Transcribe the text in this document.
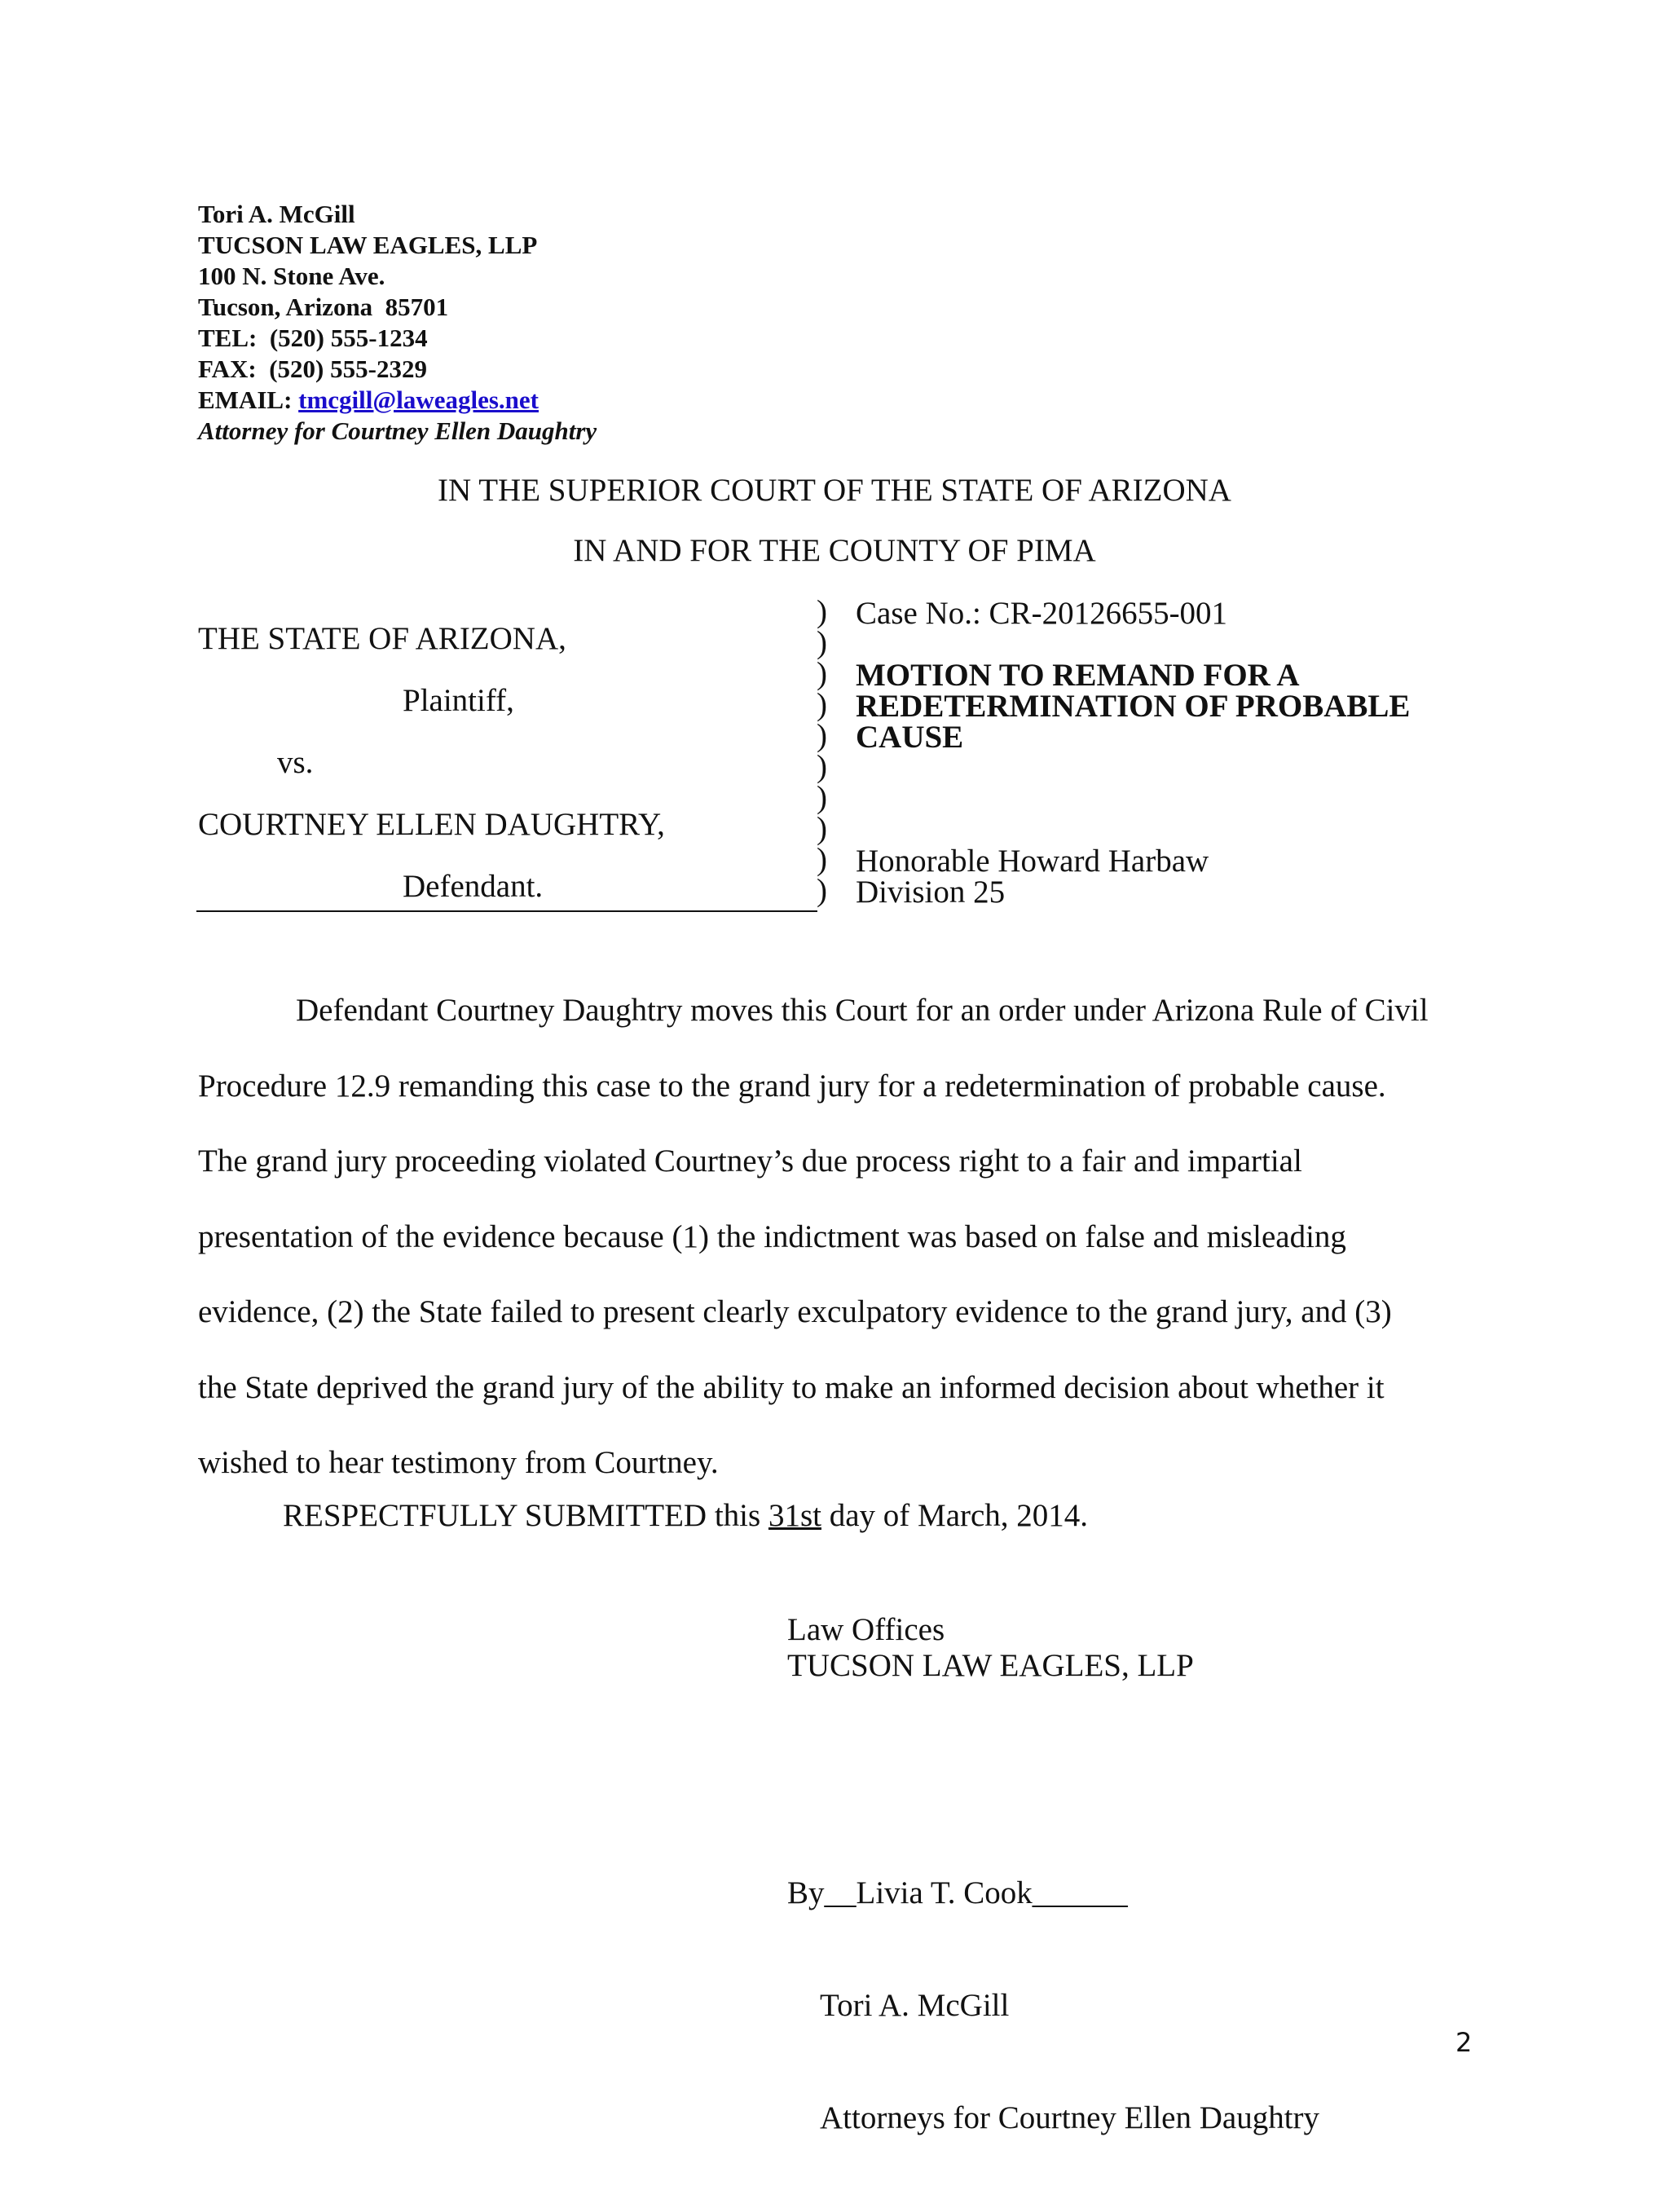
Tori A. McGill
TUCSON LAW EAGLES, LLP
100 N. Stone Ave.
Tucson, Arizona  85701
TEL:  (520) 555-1234
FAX:  (520) 555-2329
EMAIL: tmcgill@laweagles.net
Attorney for Courtney Ellen Daughtry
IN THE SUPERIOR COURT OF THE STATE OF ARIZONA
IN AND FOR THE COUNTY OF PIMA
THE STATE OF ARIZONA,
Plaintiff,
vs.
COURTNEY ELLEN DAUGHTRY,
Defendant.
)
)
)
)
)
)
)
)
)
)
Case No.: CR-20126655-001
MOTION TO REMAND FOR A
REDETERMINATION OF PROBABLE
CAUSE
Honorable Howard Harbaw
Division 25
Defendant Courtney Daughtry moves this Court for an order under Arizona Rule of Civil
Procedure 12.9 remanding this case to the grand jury for a redetermination of probable cause.
The grand jury proceeding violated Courtney’s due process right to a fair and impartial
presentation of the evidence because (1) the indictment was based on false and misleading
evidence, (2) the State failed to present clearly exculpatory evidence to the grand jury, and (3)
the State deprived the grand jury of the ability to make an informed decision about whether it
wished to hear testimony from Courtney.
RESPECTFULLY SUBMITTED this 31st day of March, 2014.
Law Offices
TUCSON LAW EAGLES, LLP

By__Livia T. Cook______

Tori A. McGill

Attorneys for Courtney Ellen Daughtry

2
